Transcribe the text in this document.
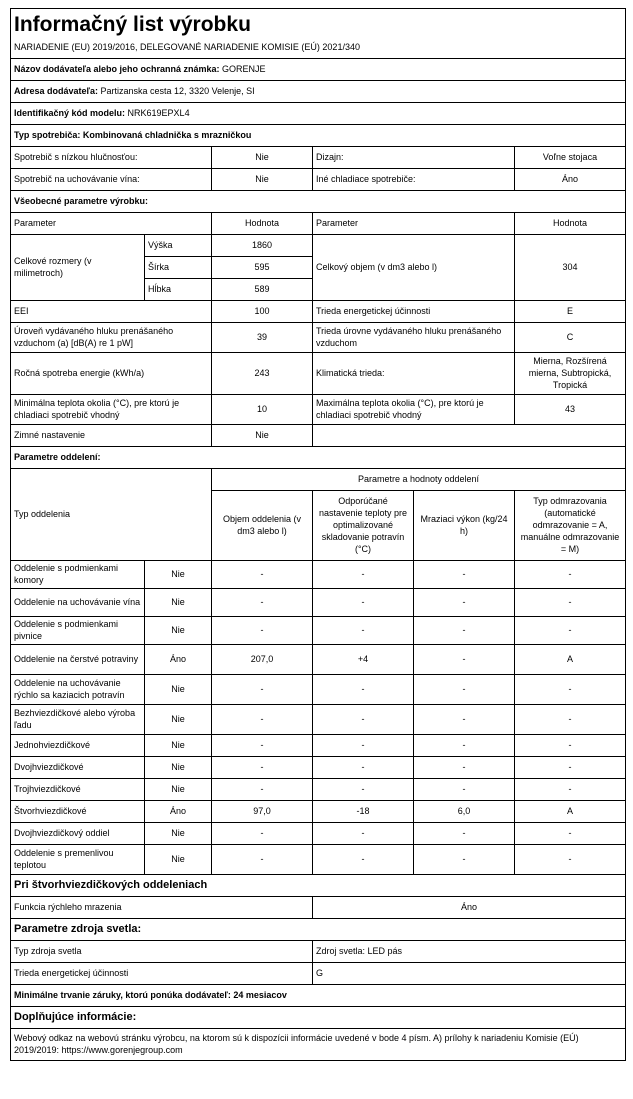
Informačný list výrobku					
NARIADENIE (EU) 2019/2016, DELEGOVANÉ NARIADENIE KOMISIE (EÚ) 2021/340					
Názov dodávateľa alebo jeho ochranná známka: GORENJE					
Adresa dodávateľa: Partizanska cesta 12, 3320 Velenje, SI					
Identifikačný kód modelu: NRK619EPXL4					
Typ spotrebiča: Kombinovaná chladnička s mrazničkou					
Spotrebič s nízkou hlučnosťou:		Nie	Dizajn:		Voľne stojaca
Spotrebič na uchovávanie vína:		Nie	Iné chladiace spotrebiče:		Áno
Všeobecné parametre výrobku:					
Parameter		Hodnota	Parameter		Hodnota
Celkové rozmery (v milimetroch)	Výška	1860	Celkový objem (v dm3 alebo l)		304
	Šírka	595			
	Hĺbka	589			
EEI		100	Trieda energetickej účinnosti		E
Úroveň vydávaného hluku prenášaného vzduchom (a) [dB(A) re 1 pW]		39	Trieda úrovne vydávaného hluku prenášaného vzduchom		C
Ročná spotreba energie (kWh/a)		243	Klimatická trieda:		Mierna, Rozšírená mierna, Subtropická, Tropická
Minimálna teplota okolia (°C), pre ktorú je chladiaci spotrebič vhodný		10	Maximálna teplota okolia (°C), pre ktorú je chladiaci spotrebič vhodný		43
Zimné nastavenie		Nie			
Parametre oddelení:					
Typ oddelenia		Parametre a hodnoty oddelení			
		Objem oddelenia (v dm3 alebo l)	Odporúčané nastavenie teploty pre optimalizované skladovanie potravín (°C)	Mraziaci výkon (kg/24 h)	Typ odmrazovania (automatické odmrazovanie = A, manuálne odmrazovanie = M)
Oddelenie s podmienkami komory	Nie	-	-	-	-
Oddelenie na uchovávanie vína	Nie	-	-	-	-
Oddelenie s podmienkami pivnice	Nie	-	-	-	-
Oddelenie na čerstvé potraviny	Áno	207,0	+4	-	A
Oddelenie na uchovávanie rýchlo sa kaziacich potravín	Nie	-	-	-	-
Bezhviezdičkové alebo výroba ľadu	Nie	-	-	-	-
Jednohviezdičkové	Nie	-	-	-	-
Dvojhviezdičkové	Nie	-	-	-	-
Trojhviezdičkové	Nie	-	-	-	-
Štvorhviezdičkové	Áno	97,0	-18	6,0	A
Dvojhviezdičkový oddiel	Nie	-	-	-	-
Oddelenie s premenlivou teplotou	Nie	-	-	-	-
Pri štvorhviezdičkových oddeleniach					
Funkcia rýchleho mrazenia			Áno		
Parametre zdroja svetla:					
Typ zdroja svetla			Zdroj svetla: LED pás		
Trieda energetickej účinnosti			G		
Minimálne trvanie záruky, ktorú ponúka dodávateľ: 24 mesiacov					
Doplňujúce informácie:					
Webový odkaz na webovú stránku výrobcu, na ktorom sú k dispozícii informácie uvedené v bode 4 písm. A) prílohy k nariadeniu Komisie (EÚ) 2019/2019: https://www.gorenjegroup.com					
